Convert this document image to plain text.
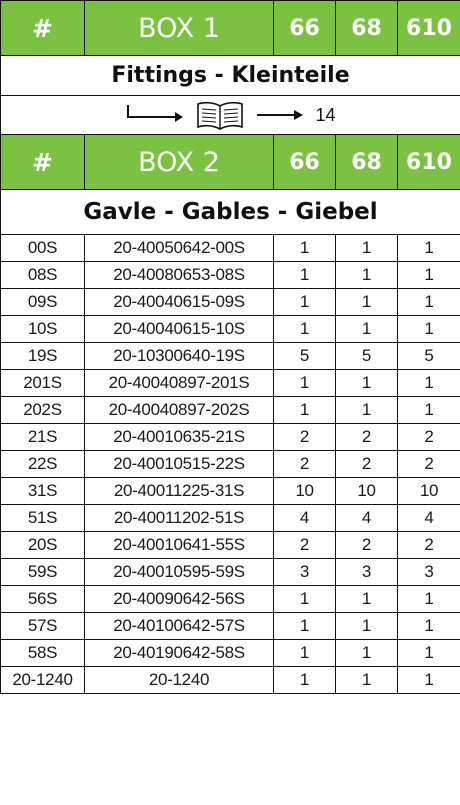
#	BOX 1	66	68	610
Fittings - Kleinteile				

14				

#	BOX 2	66	68	610
Gavle - Gables - Giebel				
00S	20-40050642-00S	1	1	1
08S	20-40080653-08S	1	1	1
09S	20-40040615-09S	1	1	1
10S	20-40040615-10S	1	1	1
19S	20-10300640-19S	5	5	5
201S	20-40040897-201S	1	1	1
202S	20-40040897-202S	1	1	1
21S	20-40010635-21S	2	2	2
22S	20-40010515-22S	2	2	2
31S	20-40011225-31S	10	10	10
51S	20-40011202-51S	4	4	4
20S	20-40010641-55S	2	2	2
59S	20-40010595-59S	3	3	3
56S	20-40090642-56S	1	1	1
57S	20-40100642-57S	1	1	1
58S	20-40190642-58S	1	1	1
20-1240	20-1240	1	1	1
